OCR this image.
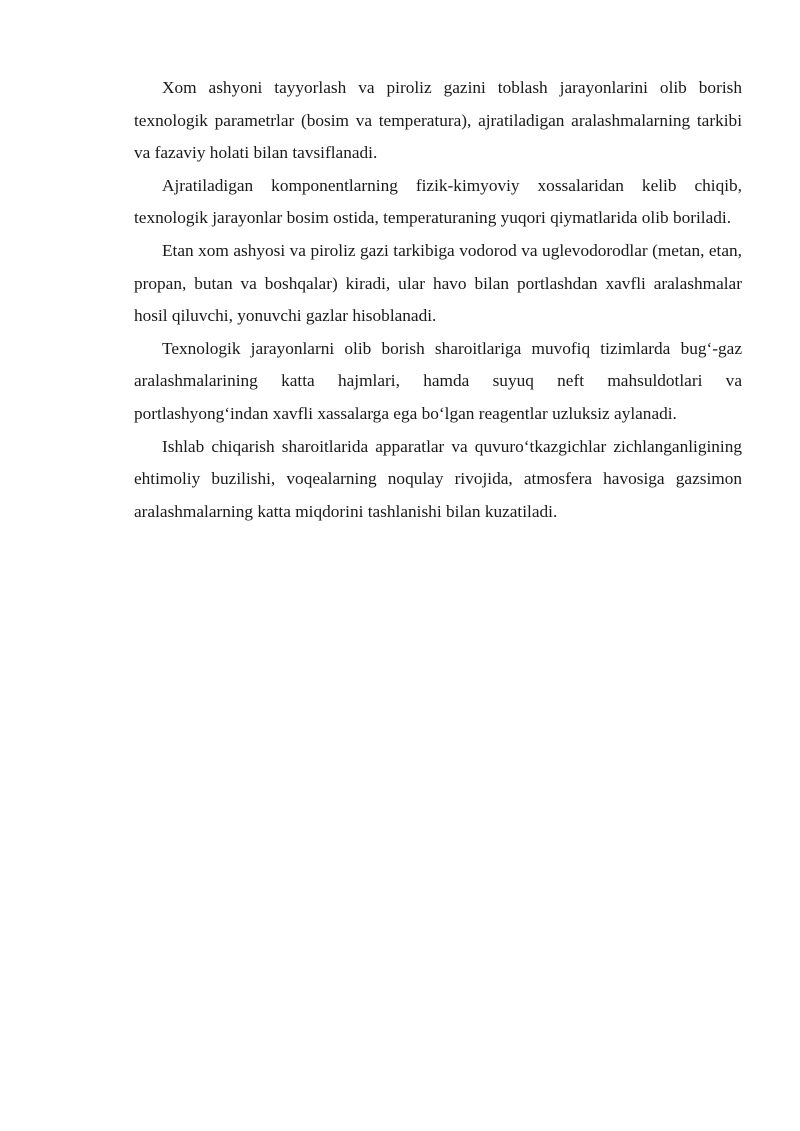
Xom ashyoni tayyorlash va piroliz gazini toblash jarayonlarini olib borish texnologik parametrlar (bosim va temperatura), ajratiladigan aralashmalarning tarkibi va fazaviy holati bilan tavsiflanadi.

Ajratiladigan komponentlarning fizik-kimyoviy xossalaridan kelib chiqib, texnologik jarayonlar bosim ostida, temperaturaning yuqori qiymatlarida olib boriladi.

Etan xom ashyosi va piroliz gazi tarkibiga vodorod va uglevodorodlar (metan, etan, propan, butan va boshqalar) kiradi, ular havo bilan portlashdan xavfli aralashmalar hosil qiluvchi, yonuvchi gazlar hisoblanadi.

Texnologik jarayonlarni olib borish sharoitlariga muvofiq tizimlarda bug‘-gaz aralashmalarining katta hajmlari, hamda suyuq neft mahsuldotlari va portlashyong‘indan xavfli xassalarga ega bo‘lgan reagentlar uzluksiz aylanadi.

Ishlab chiqarish sharoitlarida apparatlar va quvuro‘tkazgichlar zichlanganligining ehtimoliy buzilishi, voqealarning noqulay rivojida, atmosfera havosiga gazsimon aralashmalarning katta miqdorini tashlanishi bilan kuzatiladi.
